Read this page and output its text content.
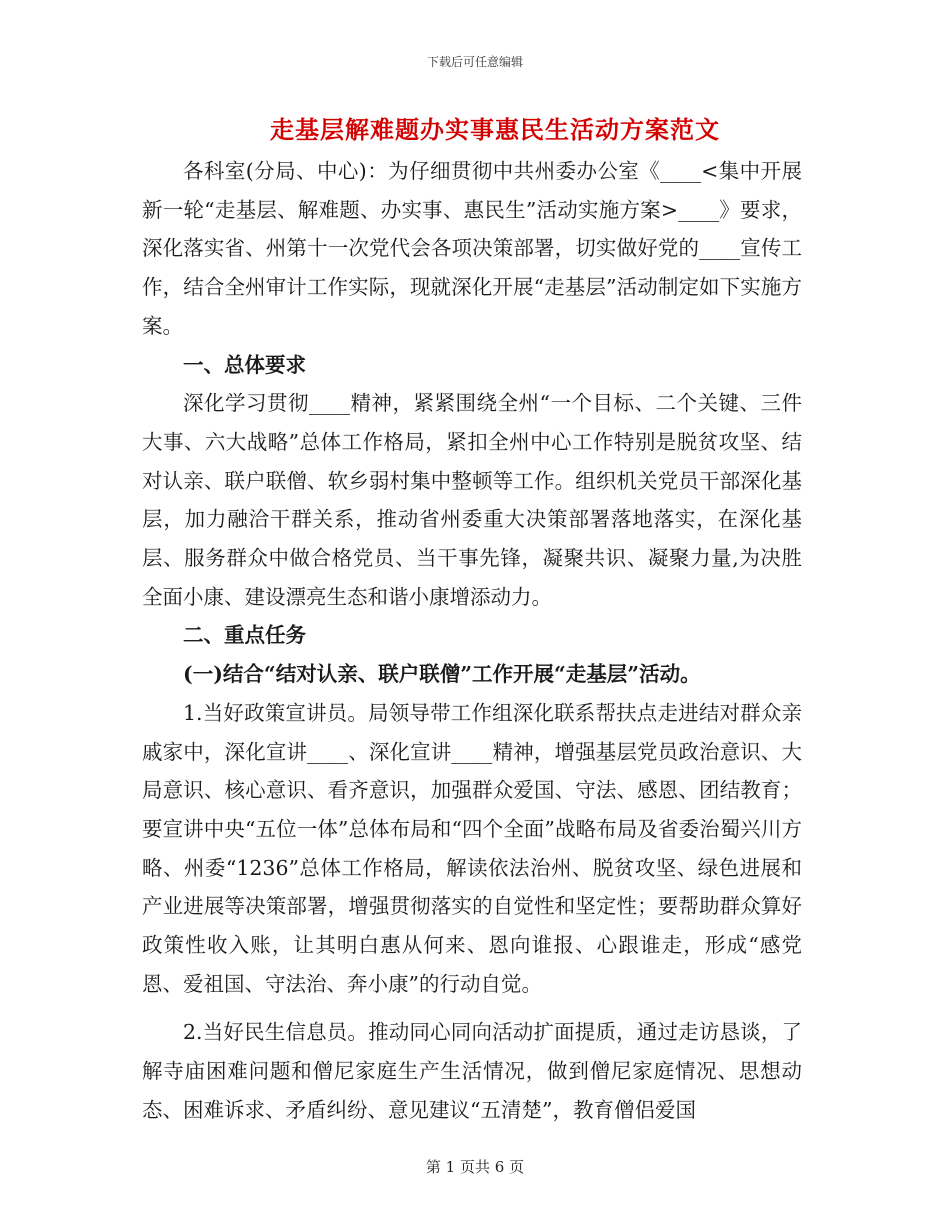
下载后可任意编辑
走基层解难题办实事惠民生活动方案范文

各科室(分局、中心)：为仔细贯彻中共州委办公室《____<集中开展新一轮“走基层、解难题、办实事、惠民生”活动实施方案>____》要求，深化落实省、州第十一次党代会各项决策部署，切实做好党的____宣传工作，结合全州审计工作实际，现就深化开展“走基层”活动制定如下实施方案。

一、总体要求

深化学习贯彻____精神，紧紧围绕全州“一个目标、二个关键、三件大事、六大战略”总体工作格局，紧扣全州中心工作特别是脱贫攻坚、结对认亲、联户联僧、软乡弱村集中整顿等工作。组织机关党员干部深化基层，加力融洽干群关系，推动省州委重大决策部署落地落实，在深化基层、服务群众中做合格党员、当干事先锋，凝聚共识、凝聚力量,为决胜全面小康、建设漂亮生态和谐小康增添动力。

二、重点任务

(一)结合“结对认亲、联户联僧”工作开展“走基层”活动。

1.当好政策宣讲员。局领导带工作组深化联系帮扶点走进结对群众亲戚家中，深化宣讲____、深化宣讲____精神，增强基层党员政治意识、大局意识、核心意识、看齐意识，加强群众爱国、守法、感恩、团结教育；要宣讲中央“五位一体”总体布局和“四个全面”战略布局及省委治蜀兴川方略、州委“1236”总体工作格局，解读依法治州、脱贫攻坚、绿色进展和产业进展等决策部署，增强贯彻落实的自觉性和坚定性；要帮助群众算好政策性收入账，让其明白惠从何来、恩向谁报、心跟谁走，形成“感党恩、爱祖国、守法治、奔小康”的行动自觉。

2.当好民生信息员。推动同心同向活动扩面提质，通过走访恳谈，了解寺庙困难问题和僧尼家庭生产生活情况，做到僧尼家庭情况、思想动态、困难诉求、矛盾纠纷、意见建议“五清楚”，教育僧侣爱国

第 1 页共 6 页
